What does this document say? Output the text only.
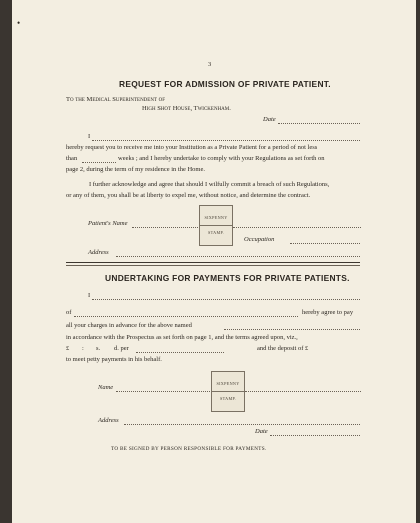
•
3
REQUEST FOR ADMISSION OF PRIVATE PATIENT.
To the Medical Superintendent of
High Shot House, Twickenham.
Date
I
hereby request you to receive me into your Institution as a Private Patient for a period of not less
than	weeks ; and I hereby undertake to comply with your Regulations as set forth on
page 2, during the term of my residence in the Home.
I further acknowledge and agree that should I wilfully commit a breach of such Regulations,
or any of them, you shall be at liberty to expel me, without notice, and determine the contract.
Patient's Name
SIXPENNY
STAMP.
Occupation
Address
UNDERTAKING FOR PAYMENTS FOR PRIVATE PATIENTS.
I
of	hereby agree to pay
all your charges in advance for the above named
in accordance with the Prospectus as set forth on page 1, and the terms agreed upon, viz.,
£ : s. d. per	and the deposit of £
to meet petty payments in his behalf.
Name
SIXPENNY
STAMP.
Address
Date
TO BE SIGNED BY PERSON RESPONSIBLE FOR PAYMENTS.
